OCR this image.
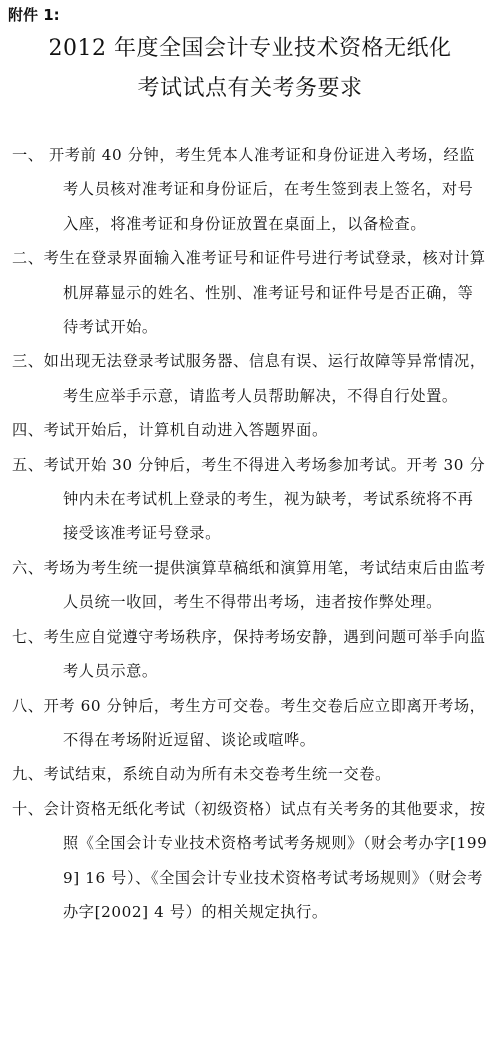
附件 1:
2012 年度全国会计专业技术资格无纸化
考试试点有关考务要求
一、 开考前 40 分钟，考生凭本人准考证和身份证进入考场，经监考人员核对准考证和身份证后，在考生签到表上签名，对号入座，将准考证和身份证放置在桌面上，以备检查。
二、考生在登录界面输入准考证号和证件号进行考试登录，核对计算机屏幕显示的姓名、性别、准考证号和证件号是否正确，等待考试开始。
三、如出现无法登录考试服务器、信息有误、运行故障等异常情况，考生应举手示意，请监考人员帮助解决，不得自行处置。
四、考试开始后，计算机自动进入答题界面。
五、考试开始 30 分钟后，考生不得进入考场参加考试。开考 30 分钟内未在考试机上登录的考生，视为缺考，考试系统将不再接受该准考证号登录。
六、考场为考生统一提供演算草稿纸和演算用笔，考试结束后由监考人员统一收回，考生不得带出考场，违者按作弊处理。
七、考生应自觉遵守考场秩序，保持考场安静，遇到问题可举手向监考人员示意。
八、开考 60 分钟后，考生方可交卷。考生交卷后应立即离开考场，不得在考场附近逗留、谈论或喧哗。
九、考试结束，系统自动为所有未交卷考生统一交卷。
十、会计资格无纸化考试（初级资格）试点有关考务的其他要求，按照《全国会计专业技术资格考试考务规则》（财会考办字[1999] 16 号）、《全国会计专业技术资格考试考场规则》（财会考办字[2002] 4 号）的相关规定执行。
